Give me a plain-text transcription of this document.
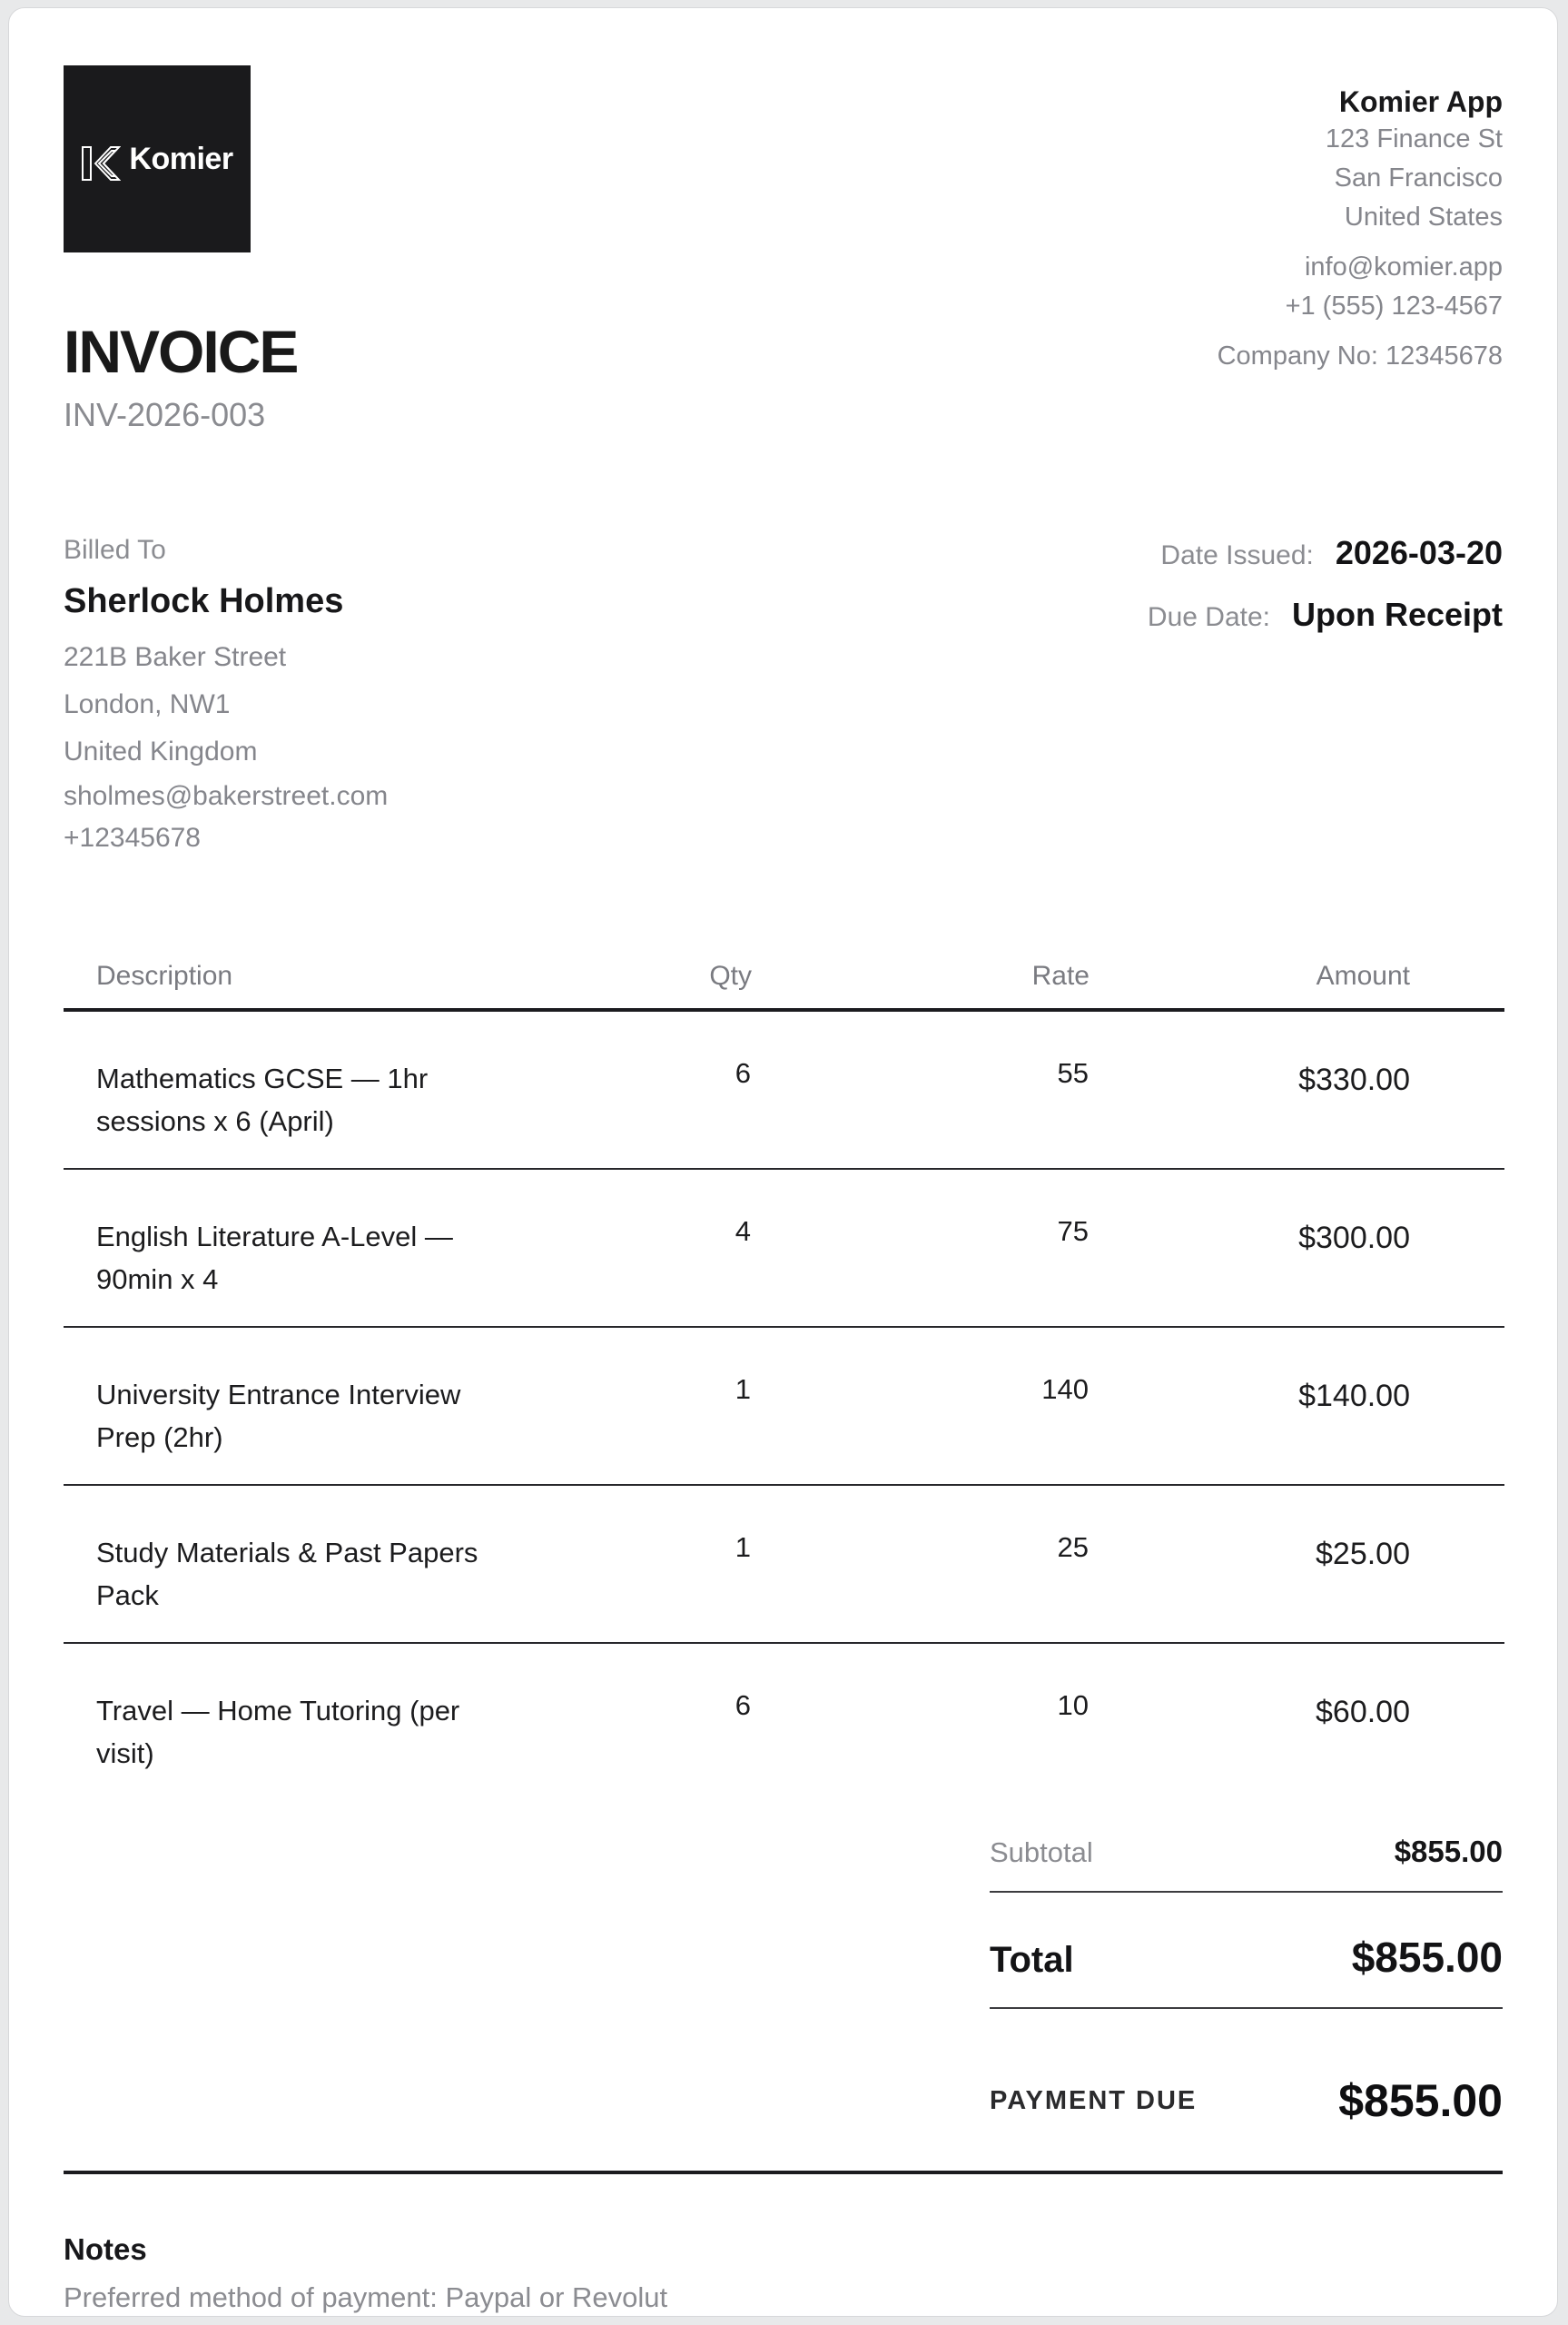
Komier
INVOICE
INV-2026-003
Komier App
123 Finance St
San Francisco
United States
info@komier.app
+1 (555) 123-4567
Company No: 12345678
Billed To
Sherlock Holmes
221B Baker Street
London, NW1
United Kingdom
sholmes@bakerstreet.com
+12345678
Date Issued: 2026-03-20
Due Date: Upon Receipt
Description	Qty	Rate	Amount

Mathematics GCSE — 1hr sessions x 6 (April)	6	55	$330.00

English Literature A-Level — 90min x 4	4	75	$300.00

University Entrance Interview Prep (2hr)	1	140	$140.00

Study Materials & Past Papers Pack	1	25	$25.00

Travel — Home Tutoring (per visit)	6	10	$60.00
Subtotal	$855.00
Total	$855.00
PAYMENT DUE	$855.00
Notes
Preferred method of payment: Paypal or Revolut
